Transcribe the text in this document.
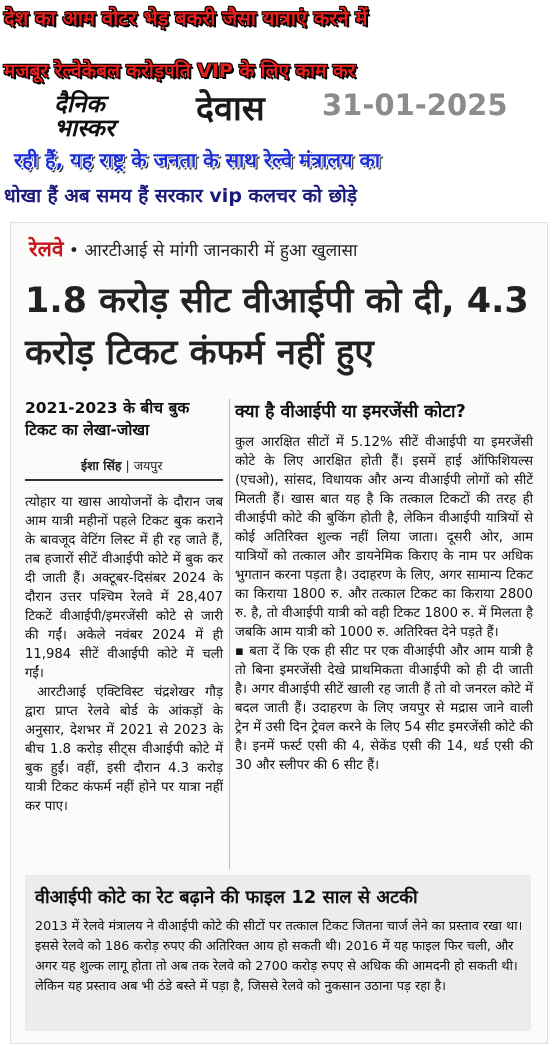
देश का आम वोटर भेड़ बकरी जैसा यात्राएं करने में
मजबूर रेल्वेकेबल करोड़पति VIP के लिए काम कर
दैनिक
भास्कर	देवास 31-01-2025
रही हैं, यह राष्ट्र के जनता के साथ रेल्वे मंत्रालय का
धोखा हैं अब समय हैं सरकार vip कलचर को छोड़े
रेलवे • आरटीआई से मांगी जानकारी में हुआ खुलासा
1.8 करोड़ सीट वीआईपी को दी, 4.3 करोड़ टिकट कंफर्म नहीं हुए
2021-2023 के बीच बुक टिकट का लेखा-जोखा
ईशा सिंह | जयपुर

त्योहार या खास आयोजनों के दौरान जब आम यात्री महीनों पहले टिकट बुक कराने के बावजूद वेटिंग लिस्ट में ही रह जाते हैं, तब हजारों सीटें वीआईपी कोटे में बुक कर दी जाती हैं। अक्टूबर-दिसंबर 2024 के दौरान उत्तर पश्चिम रेलवे में 28,407 टिकटें वीआईपी/इमरजेंसी कोटे से जारी की गईं। अकेले नवंबर 2024 में ही 11,984 सीटें वीआईपी कोटे में चली गईं।

आरटीआई एक्टिविस्ट चंद्रशेखर गौड़ द्वारा प्राप्त रेलवे बोर्ड के आंकड़ों के अनुसार, देशभर में 2021 से 2023 के बीच 1.8 करोड़ सीट्स वीआईपी कोटे में बुक हुईं। वहीं, इसी दौरान 4.3 करोड़ यात्री टिकट कंफर्म नहीं होने पर यात्रा नहीं कर पाए।

क्या है वीआईपी या इमरजेंसी कोटा?

कुल आरक्षित सीटों में 5.12% सीटें वीआईपी या इमरजेंसी कोटे के लिए आरक्षित होती हैं। इसमें हाई ऑफिशियल्स (एचओ), सांसद, विधायक और अन्य वीआईपी लोगों को सीटें मिलती हैं। खास बात यह है कि तत्काल टिकटों की तरह ही वीआईपी कोटे की बुकिंग होती है, लेकिन वीआईपी यात्रियों से कोई अतिरिक्त शुल्क नहीं लिया जाता। दूसरी ओर, आम यात्रियों को तत्काल और डायनेमिक किराए के नाम पर अधिक भुगतान करना पड़ता है। उदाहरण के लिए, अगर सामान्य टिकट का किराया 1800 रु. और तत्काल टिकट का किराया 2800 रु. है, तो वीआईपी यात्री को वही टिकट 1800 रु. में मिलता है जबकि आम यात्री को 1000 रु. अतिरिक्त देने पड़ते हैं।

▪ बता दें कि एक ही सीट पर एक वीआईपी और आम यात्री है तो बिना इमरजेंसी देखे प्राथमिकता वीआईपी को ही दी जाती है। अगर वीआईपी सीटें खाली रह जाती हैं तो वो जनरल कोटे में बदल जाती हैं। उदाहरण के लिए जयपुर से मद्रास जाने वाली ट्रेन में उसी दिन ट्रेवल करने के लिए 54 सीट इमरजेंसी कोटे की है। इनमें फर्स्ट एसी की 4, सेकेंड एसी की 14, थर्ड एसी की 30 और स्लीपर की 6 सीट हैं।

वीआईपी कोटे का रेट बढ़ाने की फाइल 12 साल से अटकी
2013 में रेलवे मंत्रालय ने वीआईपी कोटे की सीटों पर तत्काल टिकट जितना चार्ज लेने का प्रस्ताव रखा था। इससे रेलवे को 186 करोड़ रुपए की अतिरिक्त आय हो सकती थी। 2016 में यह फाइल फिर चली, और अगर यह शुल्क लागू होता तो अब तक रेलवे को 2700 करोड़ रुपए से अधिक की आमदनी हो सकती थी। लेकिन यह प्रस्ताव अब भी ठंडे बस्ते में पड़ा है, जिससे रेलवे को नुकसान उठाना पड़ रहा है।
